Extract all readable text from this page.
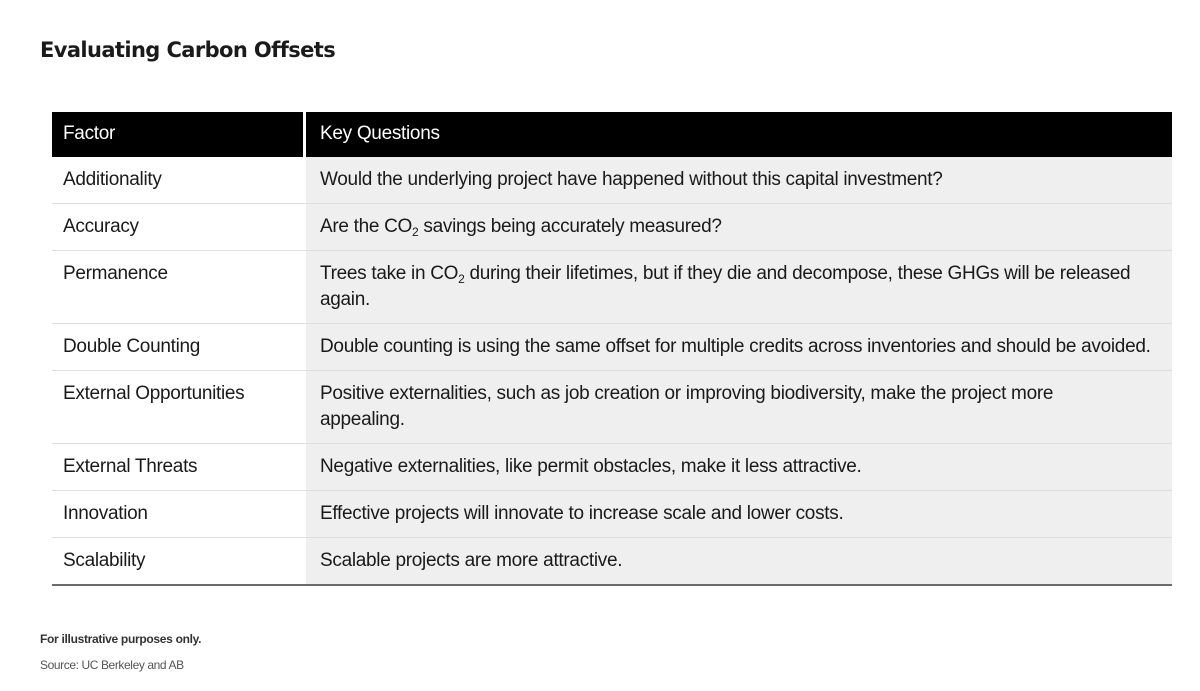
Evaluating Carbon Offsets
Factor	Key Questions
Additionality	Would the underlying project have happened without this capital investment?
Accuracy	Are the $CO_2$ savings being accurately measured?
Permanence	Trees take in $CO_2$ during their lifetimes, but if they die and decompose, these GHGs will be released again.
Double Counting	Double counting is using the same offset for multiple credits across inventories and should be avoided.
External Opportunities	Positive externalities, such as job creation or improving biodiversity, make the project more appealing.
External Threats	Negative externalities, like permit obstacles, make it less attractive.
Innovation	Effective projects will innovate to increase scale and lower costs.
Scalability	Scalable projects are more attractive.
For illustrative purposes only.
Source: UC Berkeley and AB
